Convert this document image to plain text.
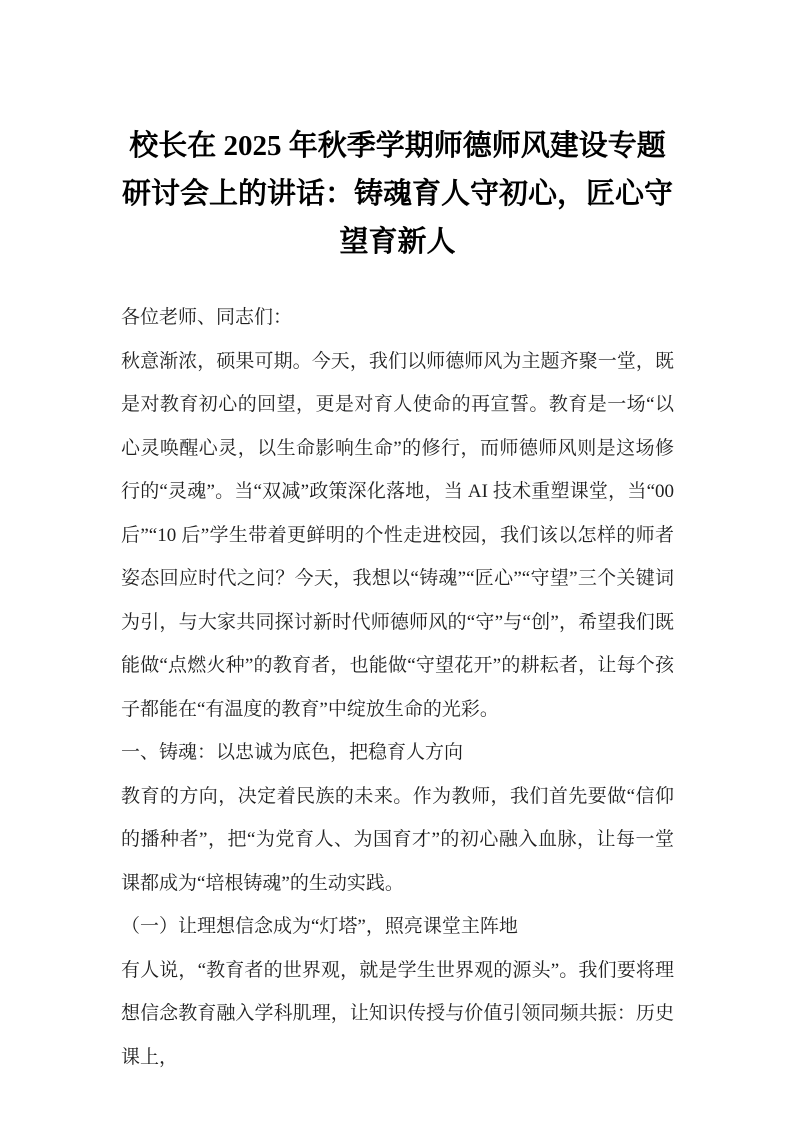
校长在 2025 年秋季学期师德师风建设专题
研讨会上的讲话：铸魂育人守初心，匠心守
望育新人

各位老师、同志们：

秋意渐浓，硕果可期。今天，我们以师德师风为主题齐聚一堂，既是对教育初心的回望，更是对育人使命的再宣誓。教育是一场“以心灵唤醒心灵，以生命影响生命”的修行，而师德师风则是这场修行的“灵魂”。当“双减”政策深化落地，当 AI 技术重塑课堂，当“00 后”“10 后”学生带着更鲜明的个性走进校园，我们该以怎样的师者姿态回应时代之问？今天，我想以“铸魂”“匠心”“守望”三个关键词为引，与大家共同探讨新时代师德师风的“守”与“创”，希望我们既能做“点燃火种”的教育者，也能做“守望花开”的耕耘者，让每个孩子都能在“有温度的教育”中绽放生命的光彩。

一、铸魂：以忠诚为底色，把稳育人方向

教育的方向，决定着民族的未来。作为教师，我们首先要做“信仰的播种者”，把“为党育人、为国育才”的初心融入血脉，让每一堂课都成为“培根铸魂”的生动实践。

（一）让理想信念成为“灯塔”，照亮课堂主阵地

有人说，“教育者的世界观，就是学生世界观的源头”。我们要将理想信念教育融入学科肌理，让知识传授与价值引领同频共振：历史课上，
